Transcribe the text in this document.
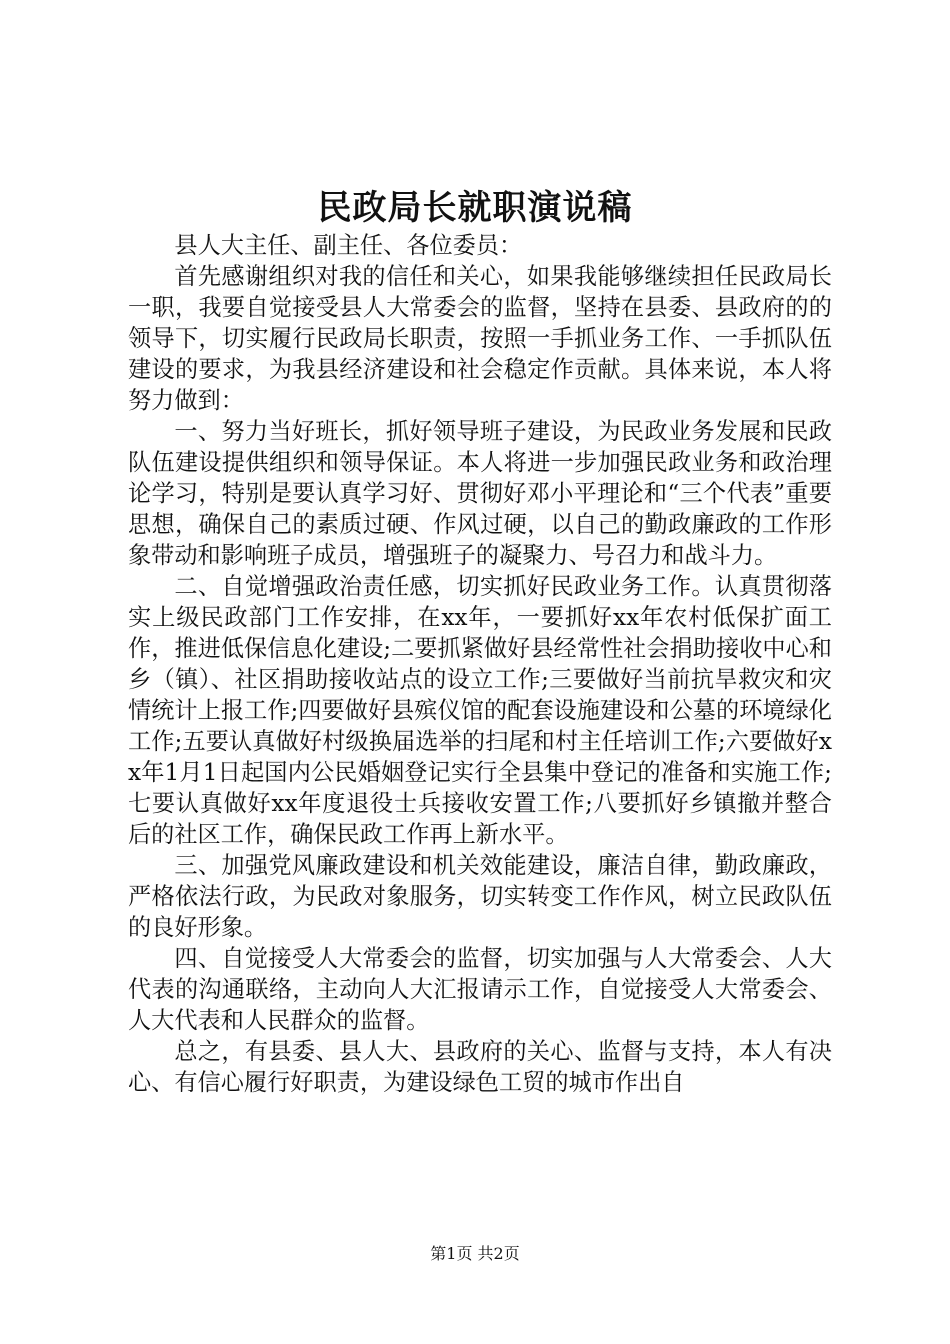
民政局长就职演说稿

县人大主任、副主任、各位委员：

首先感谢组织对我的信任和关心，如果我能够继续担任民政局长一职，我要自觉接受县人大常委会的监督，坚持在县委、县政府的的领导下，切实履行民政局长职责，按照一手抓业务工作、一手抓队伍建设的要求，为我县经济建设和社会稳定作贡献。具体来说，本人将努力做到：

一、努力当好班长，抓好领导班子建设，为民政业务发展和民政队伍建设提供组织和领导保证。本人将进一步加强民政业务和政治理论学习，特别是要认真学习好、贯彻好邓小平理论和“三个代表”重要思想，确保自己的素质过硬、作风过硬，以自己的勤政廉政的工作形象带动和影响班子成员，增强班子的凝聚力、号召力和战斗力。

二、自觉增强政治责任感，切实抓好民政业务工作。认真贯彻落实上级民政部门工作安排，在xx年，一要抓好xx年农村低保扩面工作，推进低保信息化建设;二要抓紧做好县经常性社会捐助接收中心和乡（镇）、社区捐助接收站点的设立工作;三要做好当前抗旱救灾和灾情统计上报工作;四要做好县殡仪馆的配套设施建设和公墓的环境绿化工作;五要认真做好村级换届选举的扫尾和村主任培训工作;六要做好xx年1月1日起国内公民婚姻登记实行全县集中登记的准备和实施工作;七要认真做好xx年度退役士兵接收安置工作;八要抓好乡镇撤并整合后的社区工作，确保民政工作再上新水平。

三、加强党风廉政建设和机关效能建设，廉洁自律，勤政廉政，严格依法行政，为民政对象服务，切实转变工作作风，树立民政队伍的良好形象。

四、自觉接受人大常委会的监督，切实加强与人大常委会、人大代表的沟通联络，主动向人大汇报请示工作，自觉接受人大常委会、人大代表和人民群众的监督。

总之，有县委、县人大、县政府的关心、监督与支持，本人有决心、有信心履行好职责，为建设绿色工贸的城市作出自

第1页 共2页
